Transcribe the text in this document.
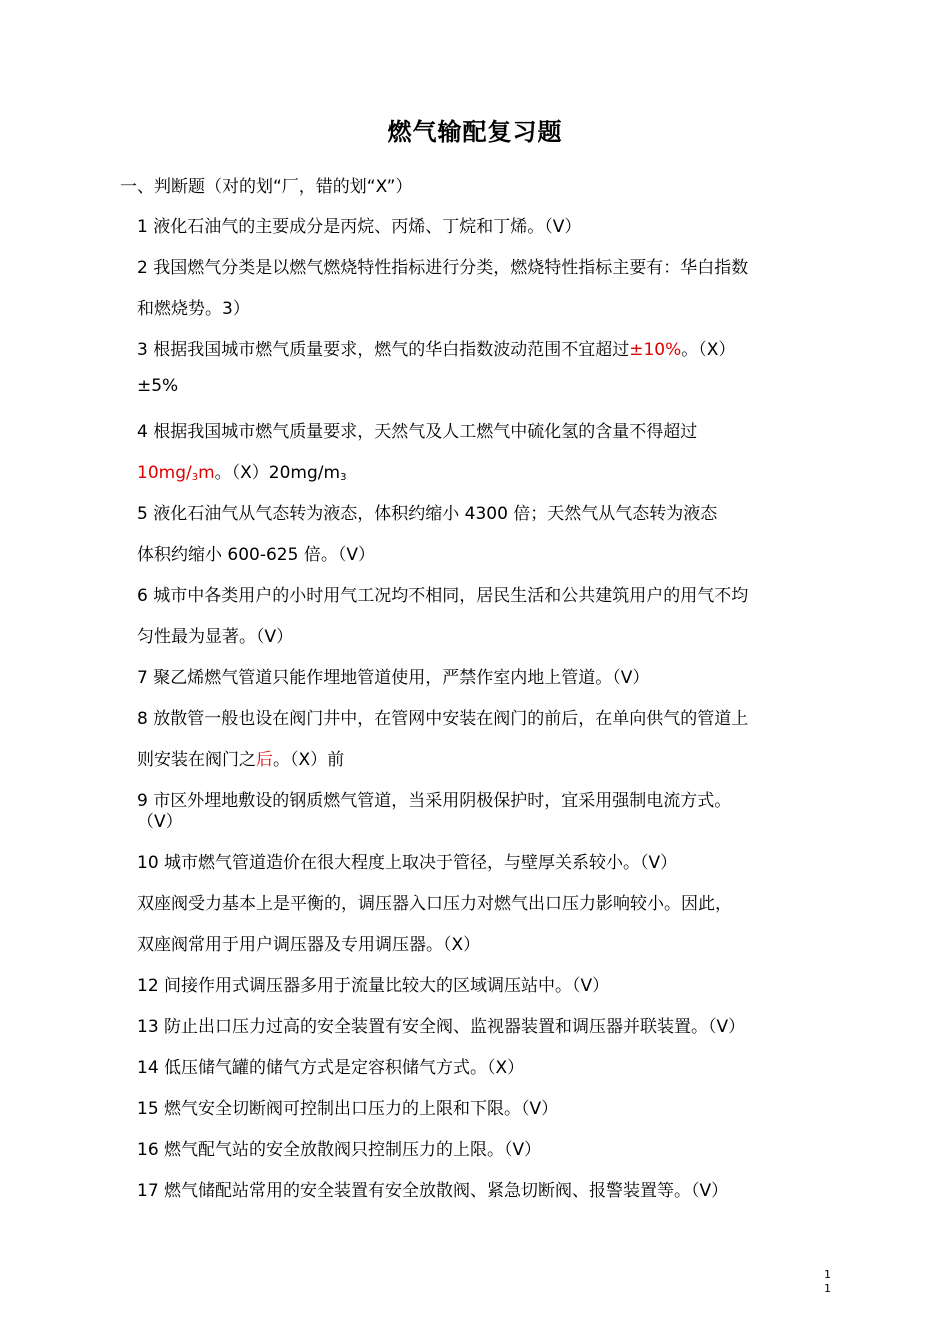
燃气输配复习题
一、判断题（对的划“厂，错的划“X”）
1 液化石油气的主要成分是丙烷、丙烯、丁烷和丁烯。（V）
2 我国燃气分类是以燃气燃烧特性指标进行分类，燃烧特性指标主要有：华白指数
和燃烧势。3）
3 根据我国城市燃气质量要求，燃气的华白指数波动范围不宜超过±10%。（X）
±5%
4 根据我国城市燃气质量要求，天然气及人工燃气中硫化氢的含量不得超过
$10mg/_3m$。$(X)20mg/m_3$
5 液化石油气从气态转为液态，体积约缩小 4300 倍；天然气从气态转为液态
体积约缩小 600-625 倍。（V）
6 城市中各类用户的小时用气工况均不相同，居民生活和公共建筑用户的用气不均
匀性最为显著。（V）
7 聚乙烯燃气管道只能作埋地管道使用，严禁作室内地上管道。（V）
8 放散管一般也设在阀门井中，在管网中安装在阀门的前后，在单向供气的管道上
则安装在阀门之后。（X）前
9 市区外埋地敷设的钢质燃气管道，当采用阴极保护时，宜采用强制电流方式。
（V）
10 城市燃气管道造价在很大程度上取决于管径，与壁厚关系较小。（V）
双座阀受力基本上是平衡的，调压器入口压力对燃气出口压力影响较小。因此，
双座阀常用于用户调压器及专用调压器。（X）
12 间接作用式调压器多用于流量比较大的区域调压站中。（V）
13 防止出口压力过高的安全装置有安全阀、监视器装置和调压器并联装置。（V）
14 低压储气罐的储气方式是定容积储气方式。（X）
15 燃气安全切断阀可控制出口压力的上限和下限。（V）
16 燃气配气站的安全放散阀只控制压力的上限。（V）
17 燃气储配站常用的安全装置有安全放散阀、紧急切断阀、报警装置等。（V）
1
1
